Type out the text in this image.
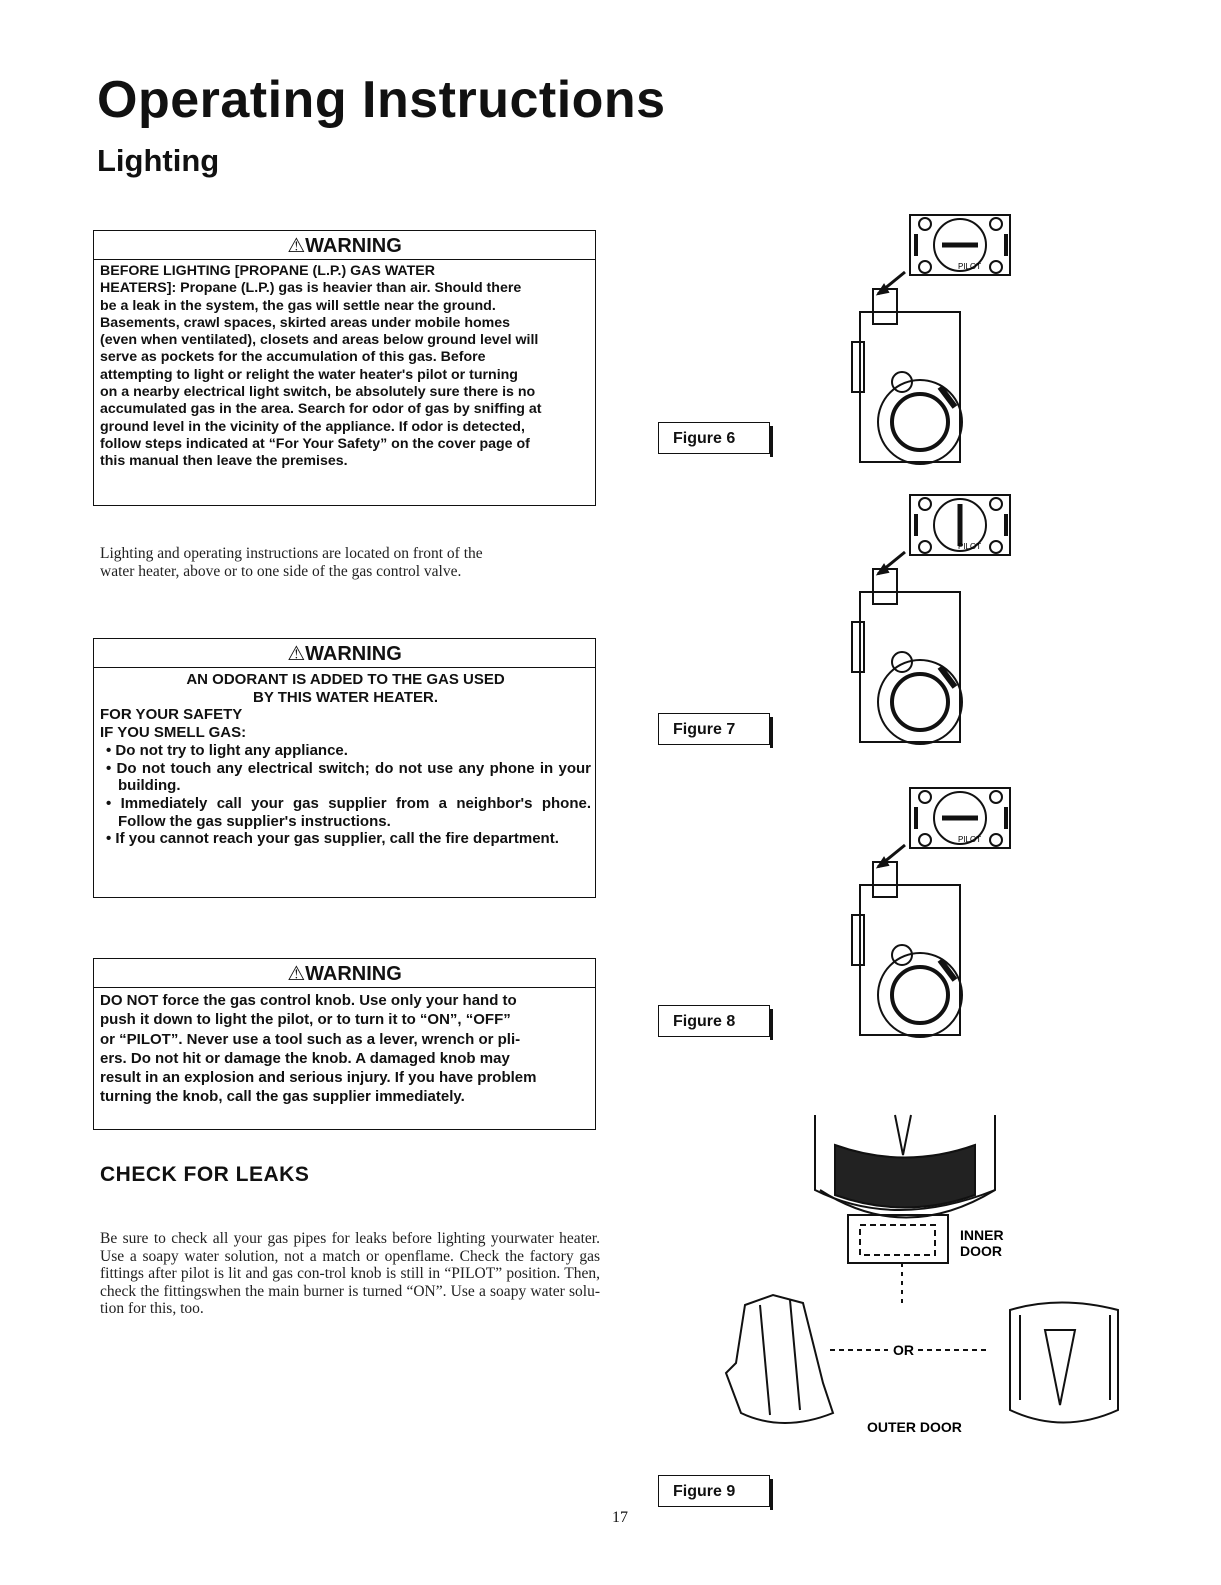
Operating Instructions
Lighting
⚠WARNING
BEFORE LIGHTING [PROPANE (L.P.) GAS WATER
HEATERS]: Propane (L.P.) gas is heavier than air. Should there
be a leak in the system, the gas will settle near the ground.
Basements, crawl spaces, skirted areas under mobile homes
(even when ventilated), closets and areas below ground level will
serve as pockets for the accumulation of this gas. Before
attempting to light or relight the water heater's pilot or turning
on a nearby electrical light switch, be absolutely sure there is no
accumulated gas in the area. Search for odor of gas by sniffing at
ground level in the vicinity of the appliance. If odor is detected,
follow steps indicated at “For Your Safety” on the cover page of
this manual then leave the premises.
Lighting and operating instructions are located on front of the
water heater, above or to one side of the gas control valve.
⚠WARNING
AN ODORANT IS ADDED TO THE GAS USED
BY THIS WATER HEATER.
FOR YOUR SAFETY
IF YOU SMELL GAS:
• Do not try to light any appliance.
• Do not touch any electrical switch; do not use any phone in your building.
• Immediately call your gas supplier from a neighbor's phone. Follow the gas supplier's instructions.
• If you cannot reach your gas supplier, call the fire department.
⚠WARNING
DO NOT force the gas control knob. Use only your hand to
push it down to light the pilot, or to turn it to “ON”, “OFF”
or “PILOT”. Never use a tool such as a lever, wrench or pli-
ers. Do not hit or damage the knob. A damaged knob may
result in an explosion and serious injury. If you have problem
turning the knob, call the gas supplier immediately.
CHECK FOR LEAKS
Be sure to check all your gas pipes for leaks before lighting yourwater heater. Use a soapy water solution, not a match or openflame. Check the factory gas fittings after pilot is lit and gas con-trol knob is still in “PILOT” position. Then, check the fittingswhen the main burner is turned “ON”. Use a soapy water solu-tion for this, too.
Figure 6
Figure 7
Figure 8
Figure 9
PILOT
PILOT
PILOT
INNER
DOOR
OR
OUTER DOOR
17
